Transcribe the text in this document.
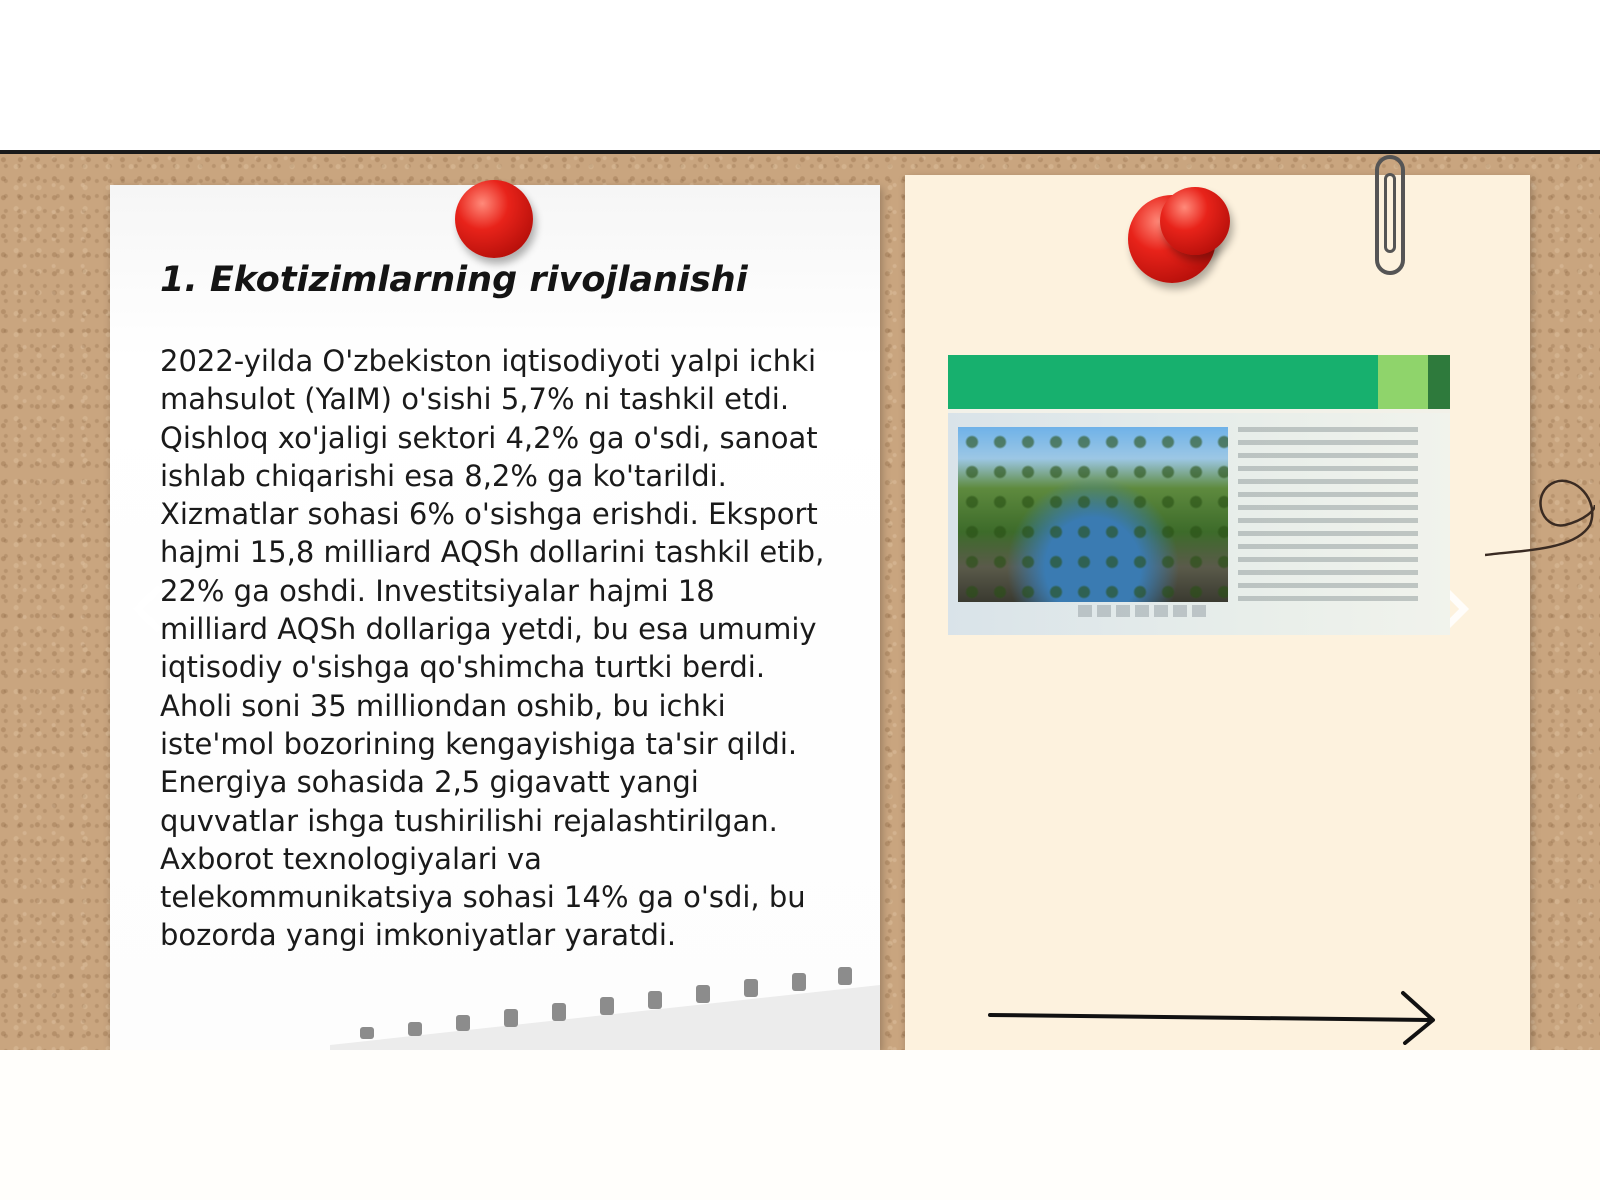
1. Ekotizimlarning rivojlanishi
2022-yilda O'zbekiston iqtisodiyoti yalpi ichki
mahsulot (YaIM) o'sishi 5,7% ni tashkil etdi.
Qishloq xo'jaligi sektori 4,2% ga o'sdi, sanoat
ishlab chiqarishi esa 8,2% ga ko'tarildi.
Xizmatlar sohasi 6% o'sishga erishdi. Eksport
hajmi 15,8 milliard AQSh dollarini tashkil etib,
22% ga oshdi. Investitsiyalar hajmi 18
milliard AQSh dollariga yetdi, bu esa umumiy
iqtisodiy o'sishga qo'shimcha turtki berdi.
Aholi soni 35 milliondan oshib, bu ichki
iste'mol bozorining kengayishiga ta'sir qildi.
Energiya sohasida 2,5 gigavatt yangi
quvvatlar ishga tushirilishi rejalashtirilgan.
Axborot texnologiyalari va
telekommunikatsiya sohasi 14% ga o'sdi, bu
bozorda yangi imkoniyatlar yaratdi.
